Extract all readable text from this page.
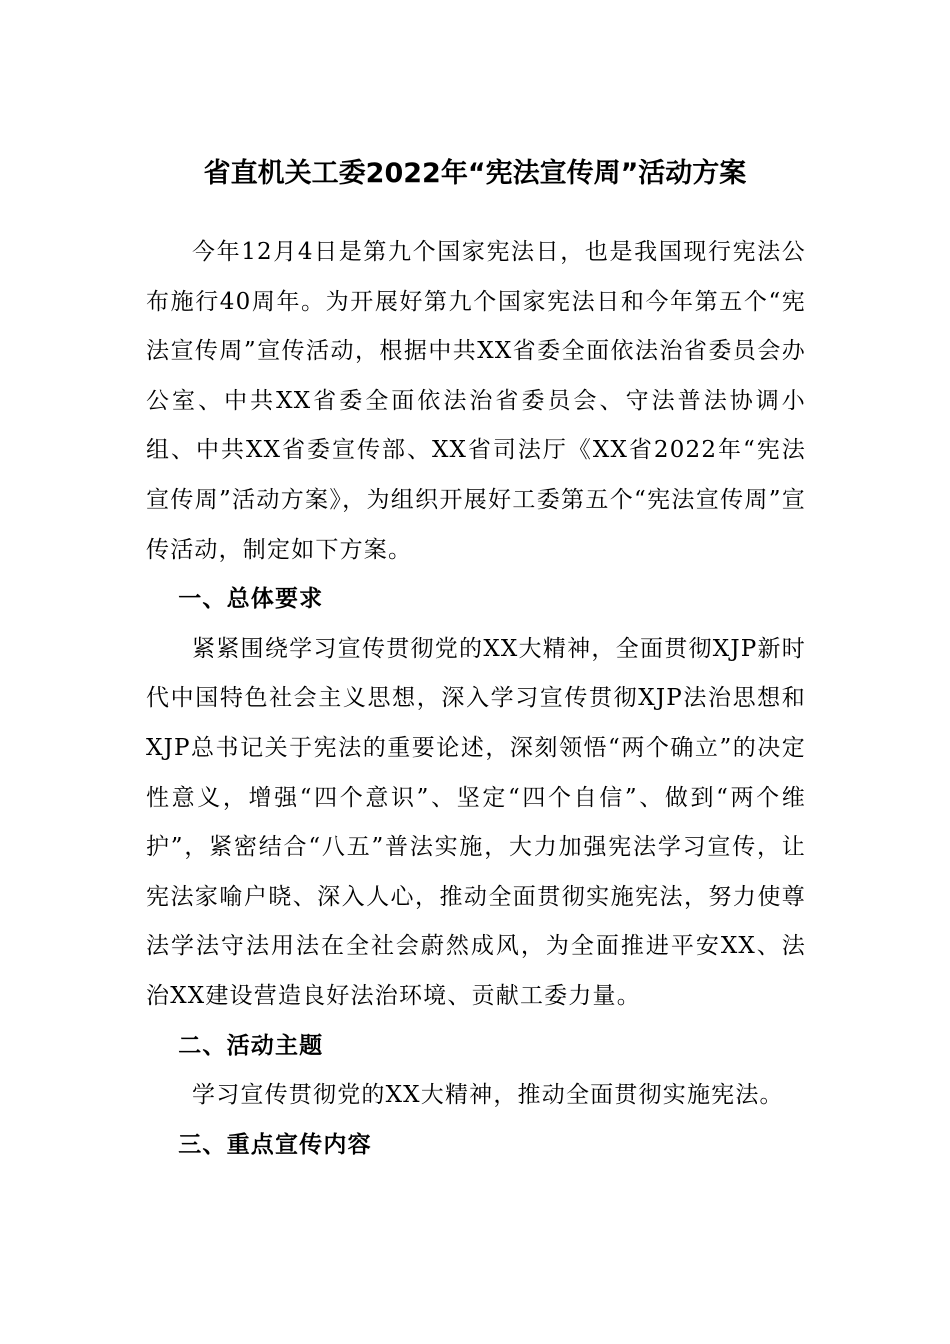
省直机关工委2022年“宪法宣传周”活动方案

今年12月4日是第九个国家宪法日，也是我国现行宪法公布施行40周年。为开展好第九个国家宪法日和今年第五个“宪法宣传周”宣传活动，根据中共XX省委全面依法治省委员会办公室、中共XX省委全面依法治省委员会、守法普法协调小组、中共XX省委宣传部、XX省司法厅《XX省2022年“宪法宣传周”活动方案》，为组织开展好工委第五个“宪法宣传周”宣传活动，制定如下方案。

一、总体要求

紧紧围绕学习宣传贯彻党的XX大精神，全面贯彻XJP新时代中国特色社会主义思想，深入学习宣传贯彻XJP法治思想和XJP总书记关于宪法的重要论述，深刻领悟“两个确立”的决定性意义，增强“四个意识”、坚定“四个自信”、做到“两个维护”，紧密结合“八五”普法实施，大力加强宪法学习宣传，让宪法家喻户晓、深入人心，推动全面贯彻实施宪法，努力使尊法学法守法用法在全社会蔚然成风，为全面推进平安XX、法治XX建设营造良好法治环境、贡献工委力量。

二、活动主题

学习宣传贯彻党的XX大精神，推动全面贯彻实施宪法。

三、重点宣传内容
